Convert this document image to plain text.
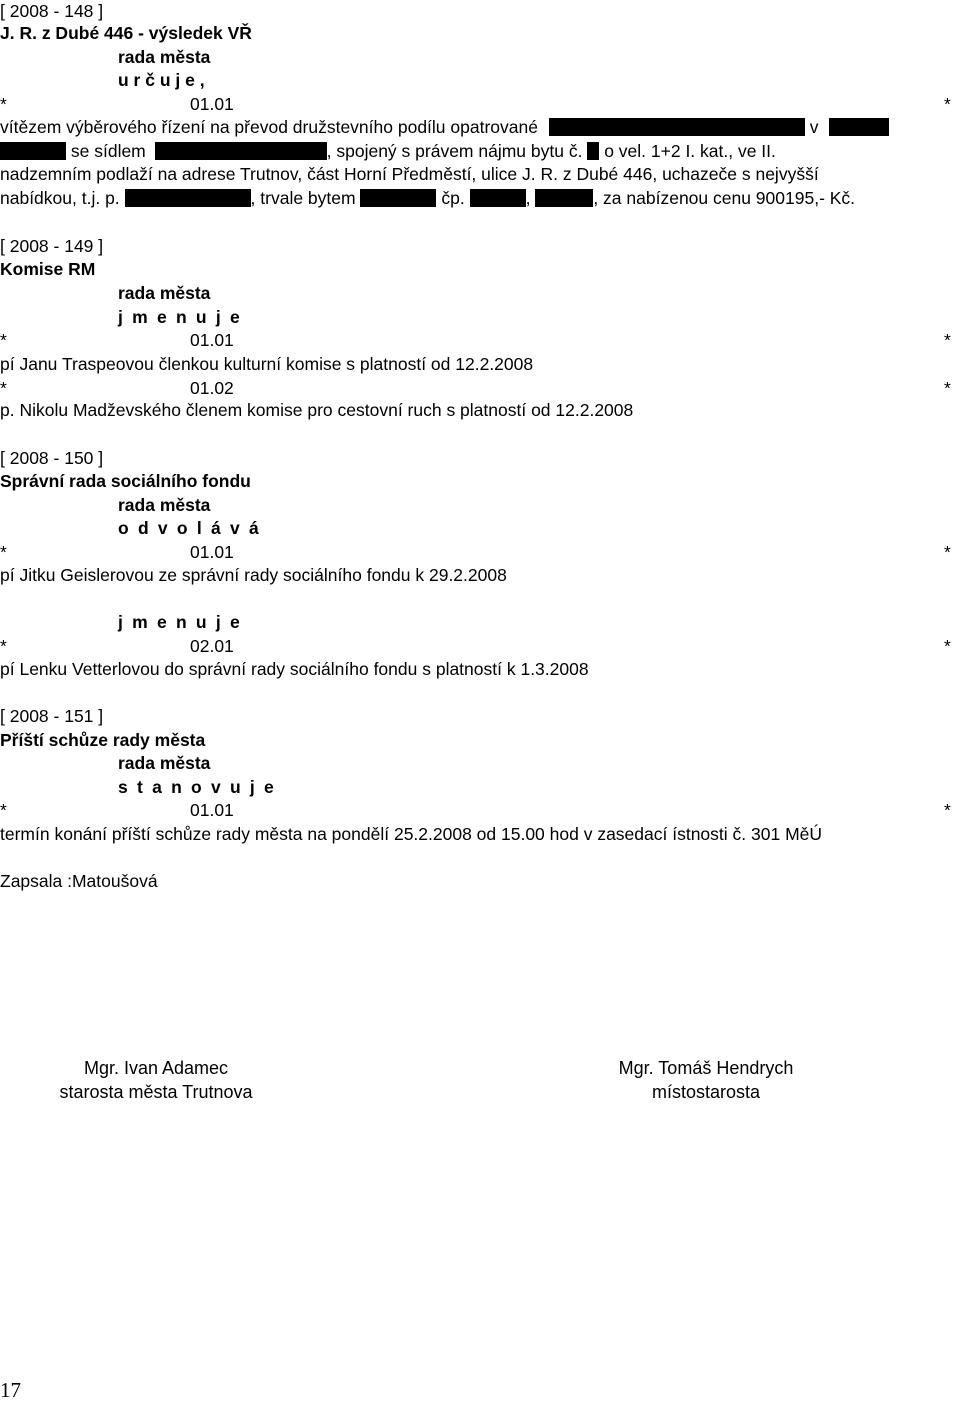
[ 2008 - 148 ]
J. R. z Dubé 446 - výsledek VŘ
rada města
u r č u j e ,
*	01.01	*
vítězem výběrového řízení na převod družstevního podílu opatrované	v
se sídlem	, spojený s právem nájmu bytu č. o vel. 1+2 I. kat., ve II.
nadzemním podlaží na adrese Trutnov, část Horní Předměstí, ulice J. R. z Dubé 446, uchazeče s nejvyšší
nabídkou, t.j. p.	, trvale bytem	čp.	,	, za nabízenou cenu 900195,- Kč.
[ 2008 - 149 ]
Komise RM
rada města
j m e n u j e
*	01.01	*
pí Janu Traspeovou členkou kulturní komise s platností od 12.2.2008
*	01.02	*
p. Nikolu Madževského členem komise pro cestovní ruch s platností od 12.2.2008
[ 2008 - 150 ]
Správní rada sociálního fondu
rada města
o d v o l á v á
*	01.01	*
pí Jitku Geislerovou ze správní rady sociálního fondu k 29.2.2008
j m e n u j e
*	02.01	*
pí Lenku Vetterlovou do správní rady sociálního fondu s platností k 1.3.2008
[ 2008 - 151 ]
Příští schůze rady města
rada města
s t a n o v u j e
*	01.01	*
termín konání příští schůze rady města na pondělí 25.2.2008 od 15.00 hod v zasedací ístnosti č. 301 MěÚ
Zapsala :Matoušová
Mgr. Ivan Adamec
starosta města Trutnova
Mgr. Tomáš Hendrych
místostarosta
17
